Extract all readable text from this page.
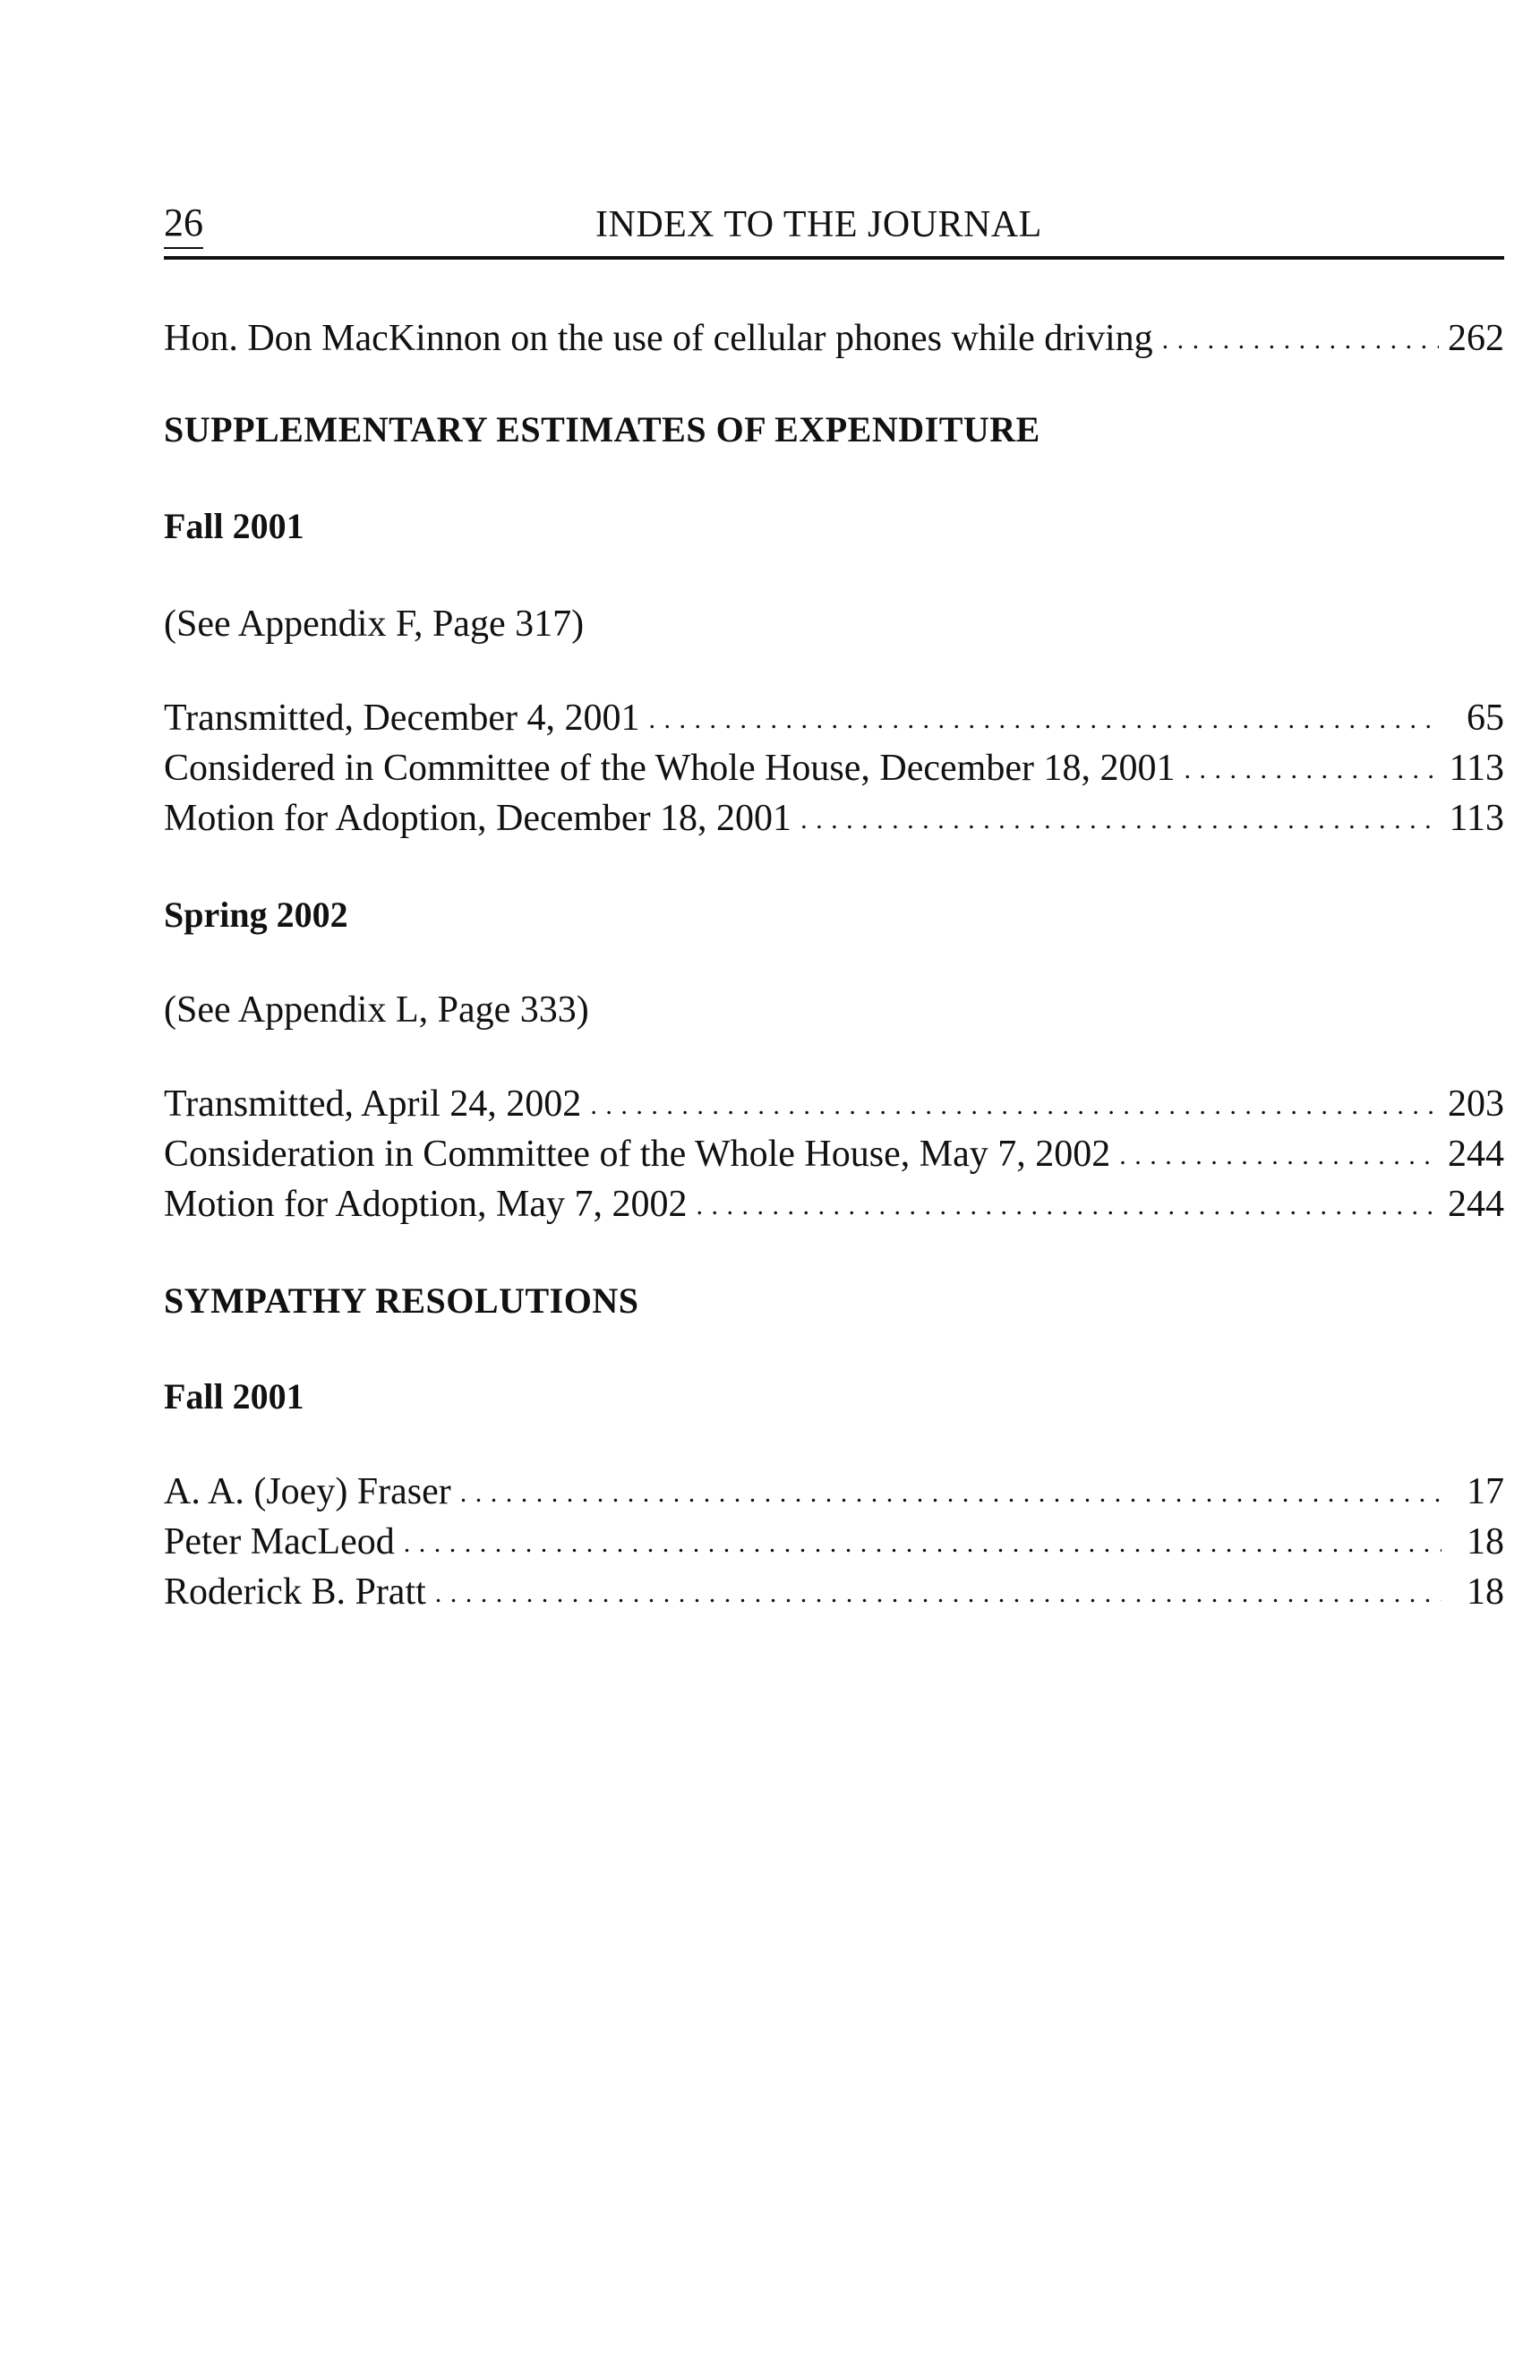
26	INDEX TO THE JOURNAL
Hon. Don MacKinnon on the use of cellular phones while driving . . .	262
SUPPLEMENTARY ESTIMATES OF EXPENDITURE
Fall 2001
(See Appendix F, Page 317)
Transmitted, December 4, 2001 . . .	65
Considered in Committee of the Whole House, December 18, 2001 . . .	113
Motion for Adoption, December 18, 2001 . . .	113
Spring 2002
(See Appendix L, Page 333)
Transmitted, April 24, 2002 . . .	203
Consideration in Committee of the Whole House, May 7, 2002 . . .	244
Motion for Adoption, May 7, 2002 . . .	244
SYMPATHY RESOLUTIONS
Fall 2001
A. A. (Joey) Fraser . . .	17
Peter MacLeod . . .	18
Roderick B. Pratt . . .	18
